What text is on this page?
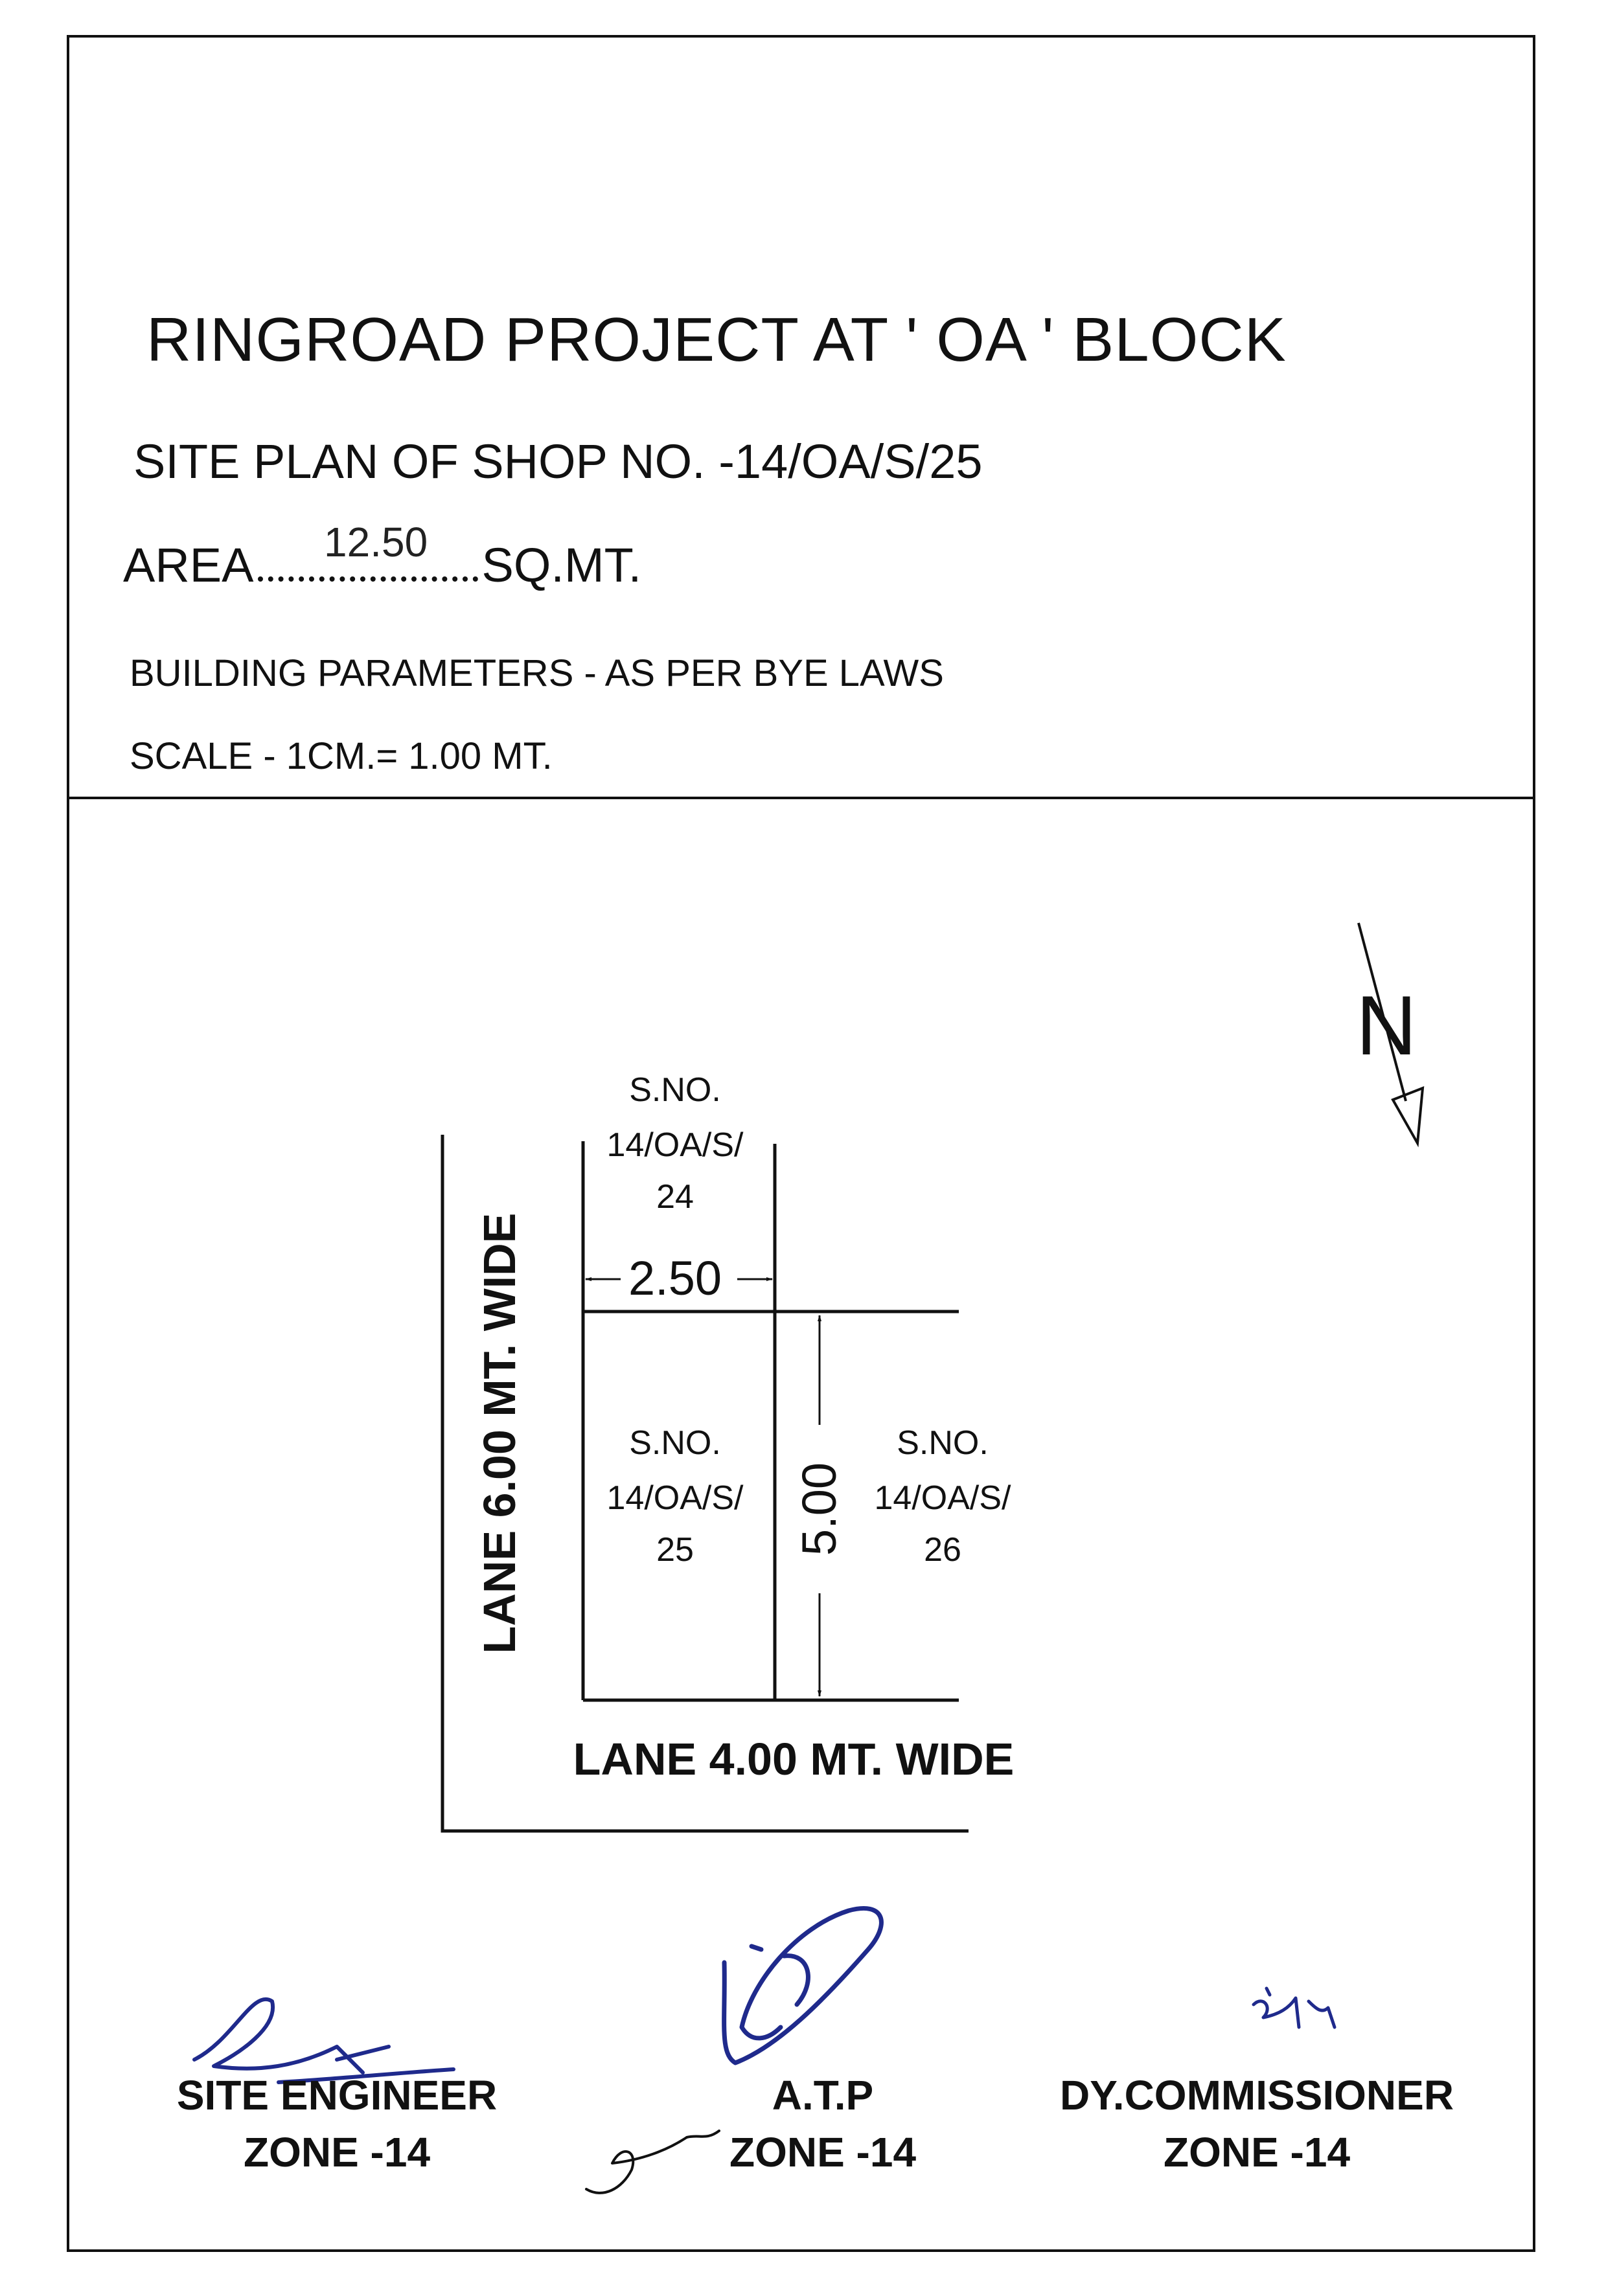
RINGROAD PROJECT AT ' OA ' BLOCK
SITE PLAN OF SHOP NO. -14/OA/S/25
AREA	SQ.MT.
12.50
BUILDING PARAMETERS - AS PER BYE LAWS
SCALE - 1CM.= 1.00 MT.
2.50
5.00
S.NO.
14/OA/S/
24
S.NO.
14/OA/S/
25
S.NO.
14/OA/S/
26
LANE 6.00 MT. WIDE
LANE 4.00 MT. WIDE
N
SITE ENGINEER
ZONE -14
A.T.P
ZONE -14
DY.COMMISSIONER
ZONE -14
